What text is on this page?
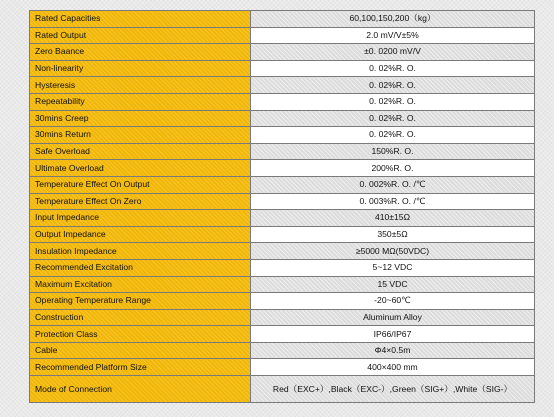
Rated Capacities	60,100,150,200（kg）
Rated Output	2.0 mV/V±5%
Zero Baance	±0. 0200 mV/V
Non-linearity	0. 02%R. O.
Hysteresis	0. 02%R. O.
Repeatability	0. 02%R. O.
30mins Creep	0. 02%R. O.
30mins Return	0. 02%R. O.
Safe Overload	150%R. O.
Ultimate Overload	200%R. O.
Temperature Effect On Output	0. 002%R. O. /℃
Temperature Effect On Zero	0. 003%R. O. /℃
Input Impedance	410±15Ω
Output Impedance	350±5Ω
Insulation Impedance	≥5000 MΩ(50VDC)
Recommended Excitation	5~12 VDC
Maximum Excitation	15 VDC
Operating Temperature Range	-20~60℃
Construction	Aluminum Alloy
Protection Class	IP66/IP67
Cable	Φ4×0.5m
Recommended Platform Size	400×400 mm
Mode of Connection	Red（EXC+）,Black（EXC-）,Green（SIG+）,White（SIG-）
